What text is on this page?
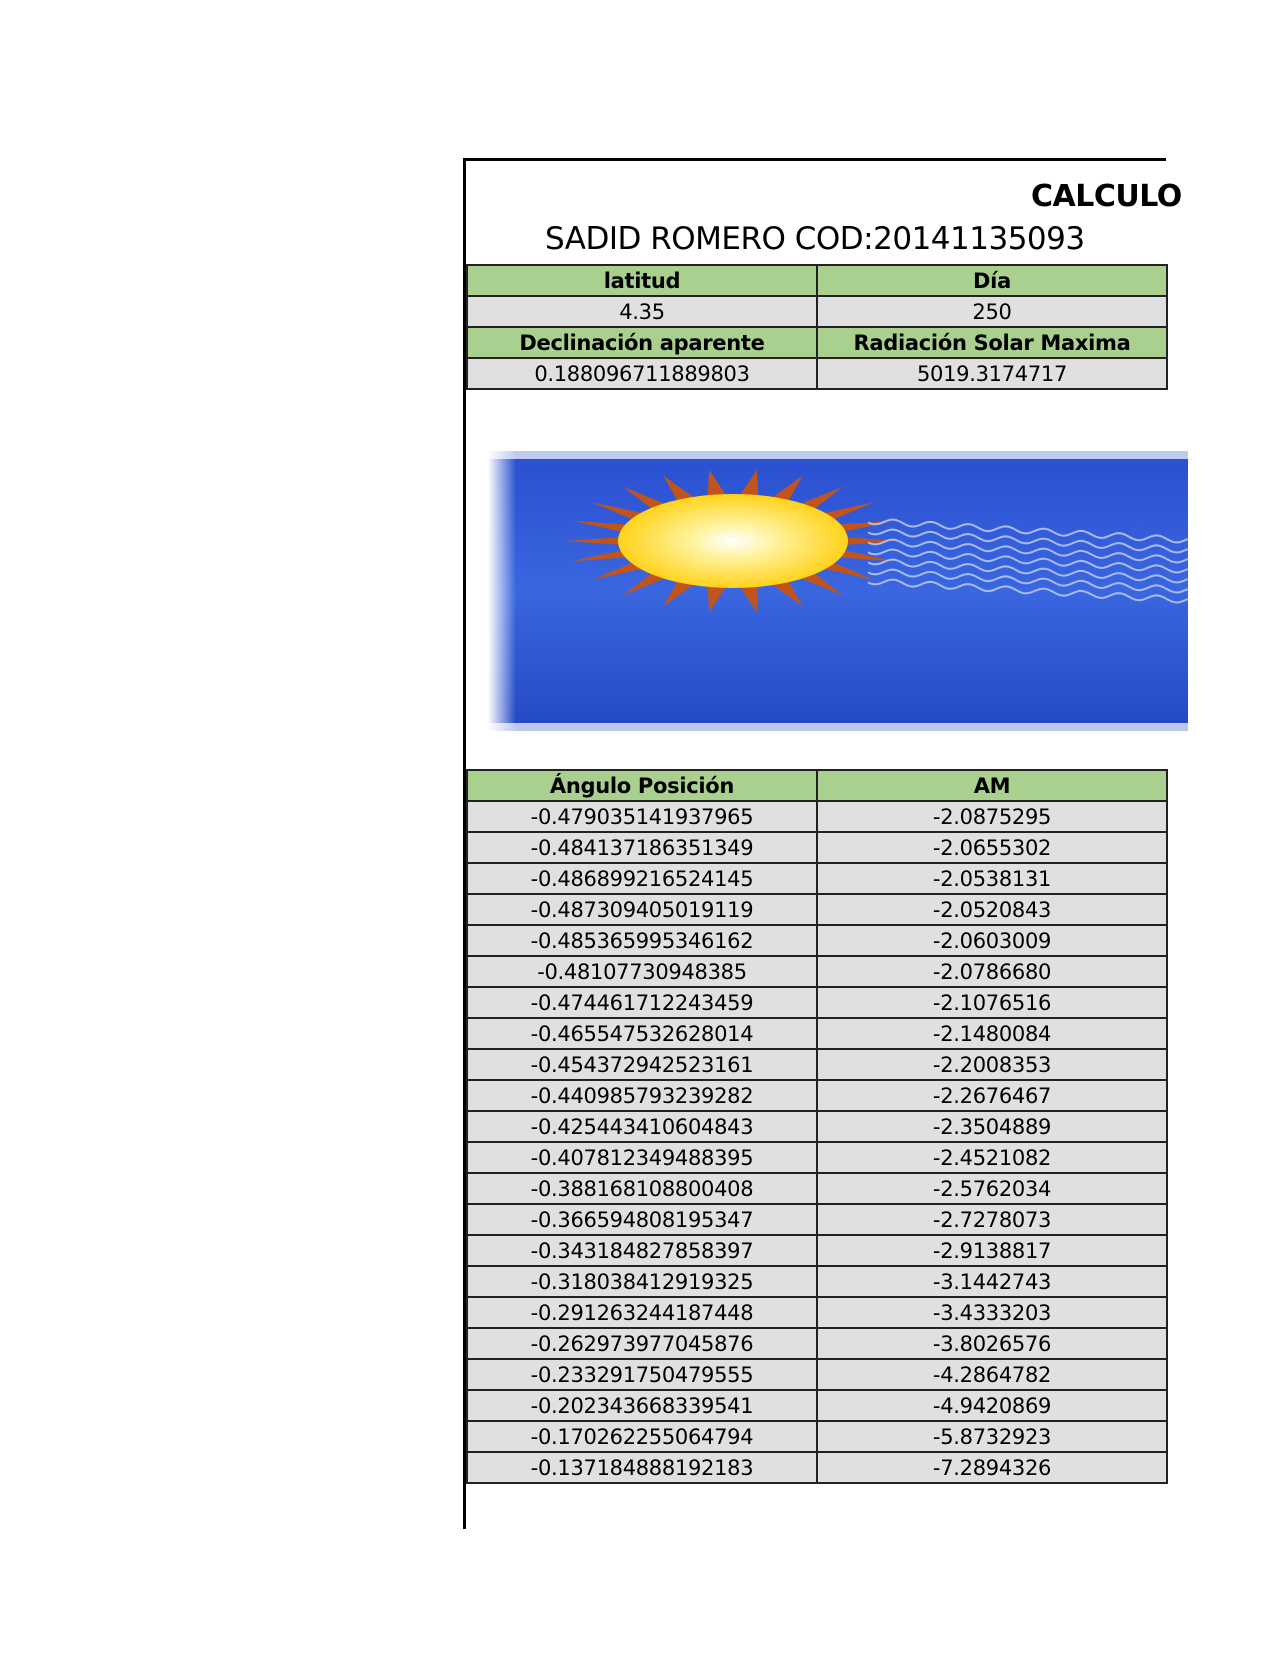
CALCULO
SADID ROMERO COD:20141135093
latitud	Día
4.35	250
Declinación aparente	Radiación Solar Maxima
0.188096711889803	5019.3174717
Ángulo Posición	AM
-0.479035141937965	-2.0875295
-0.484137186351349	-2.0655302
-0.486899216524145	-2.0538131
-0.487309405019119	-2.0520843
-0.485365995346162	-2.0603009
-0.48107730948385	-2.0786680
-0.474461712243459	-2.1076516
-0.465547532628014	-2.1480084
-0.454372942523161	-2.2008353
-0.440985793239282	-2.2676467
-0.425443410604843	-2.3504889
-0.407812349488395	-2.4521082
-0.388168108800408	-2.5762034
-0.366594808195347	-2.7278073
-0.343184827858397	-2.9138817
-0.318038412919325	-3.1442743
-0.291263244187448	-3.4333203
-0.262973977045876	-3.8026576
-0.233291750479555	-4.2864782
-0.202343668339541	-4.9420869
-0.170262255064794	-5.8732923
-0.137184888192183	-7.2894326
